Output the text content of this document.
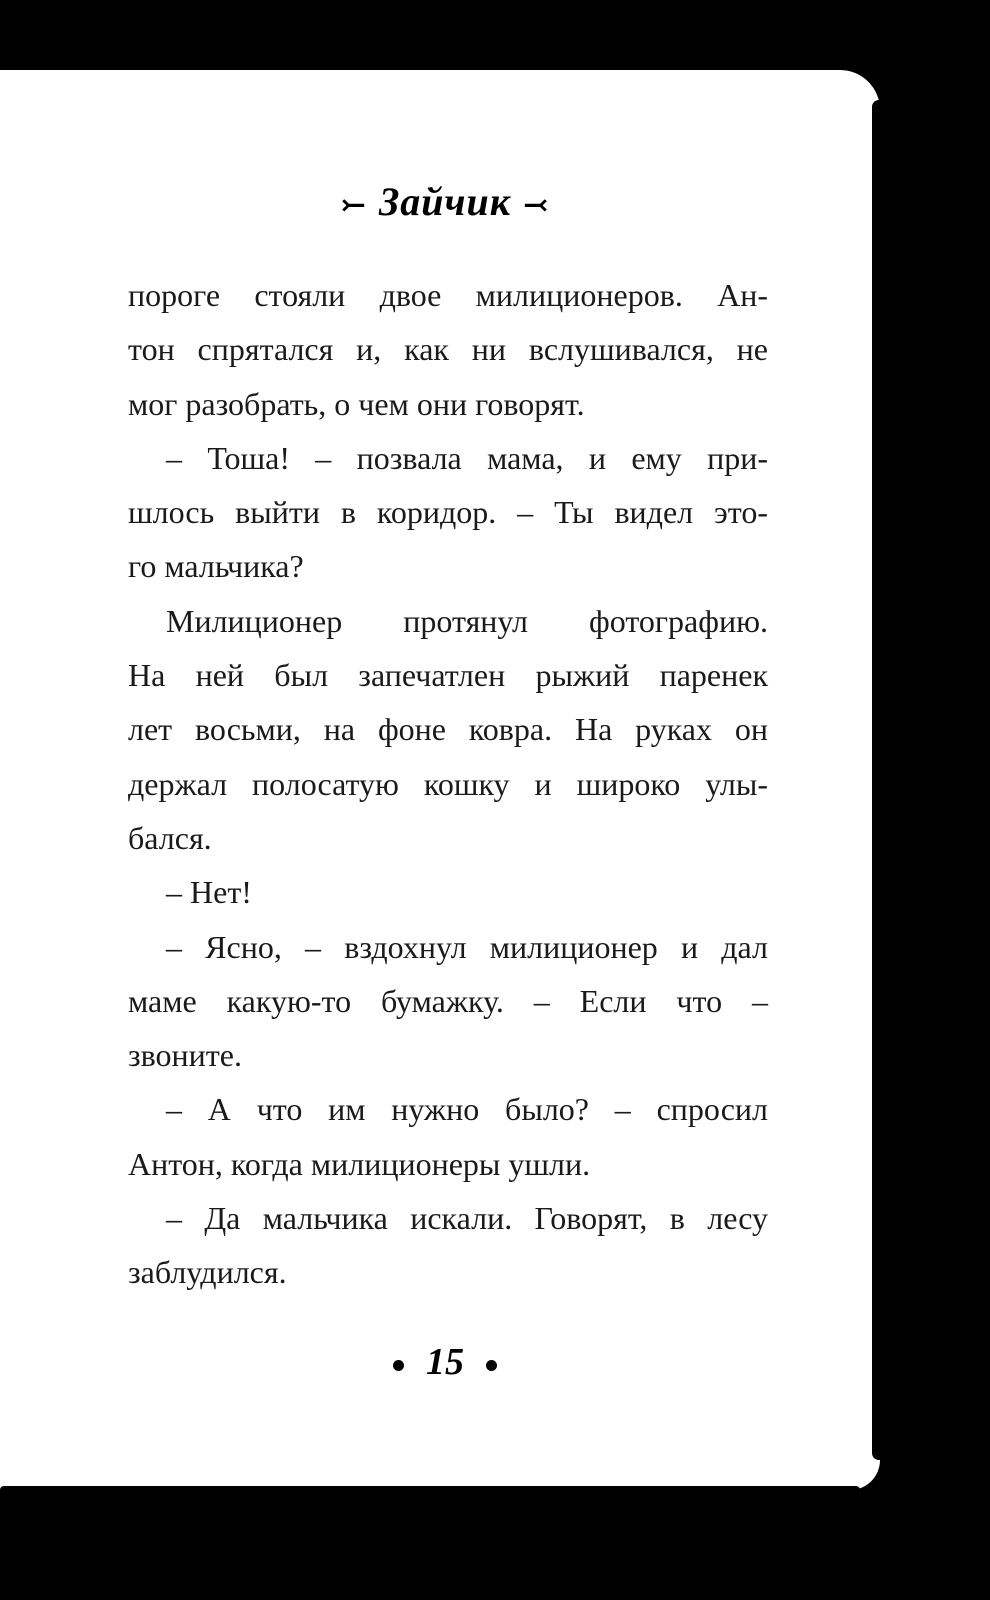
⤚ Зайчик ⤙
пороге стояли двое милиционеров. Ан-
тон спрятался и, как ни вслушивался, не
мог разобрать, о чем они говорят.
– Тоша! – позвала мама, и ему при-
шлось выйти в коридор. – Ты видел это-
го мальчика?
Милиционер протянул фотографию.
На ней был запечатлен рыжий паренек
лет восьми, на фоне ковра. На руках он
держал полосатую кошку и широко улы-
бался.
– Нет!
– Ясно, – вздохнул милиционер и дал
маме какую-то бумажку. – Если что –
звоните.
– А что им нужно было? – спросил
Антон, когда милиционеры ушли.
– Да мальчика искали. Говорят, в лесу
заблудился.
15
